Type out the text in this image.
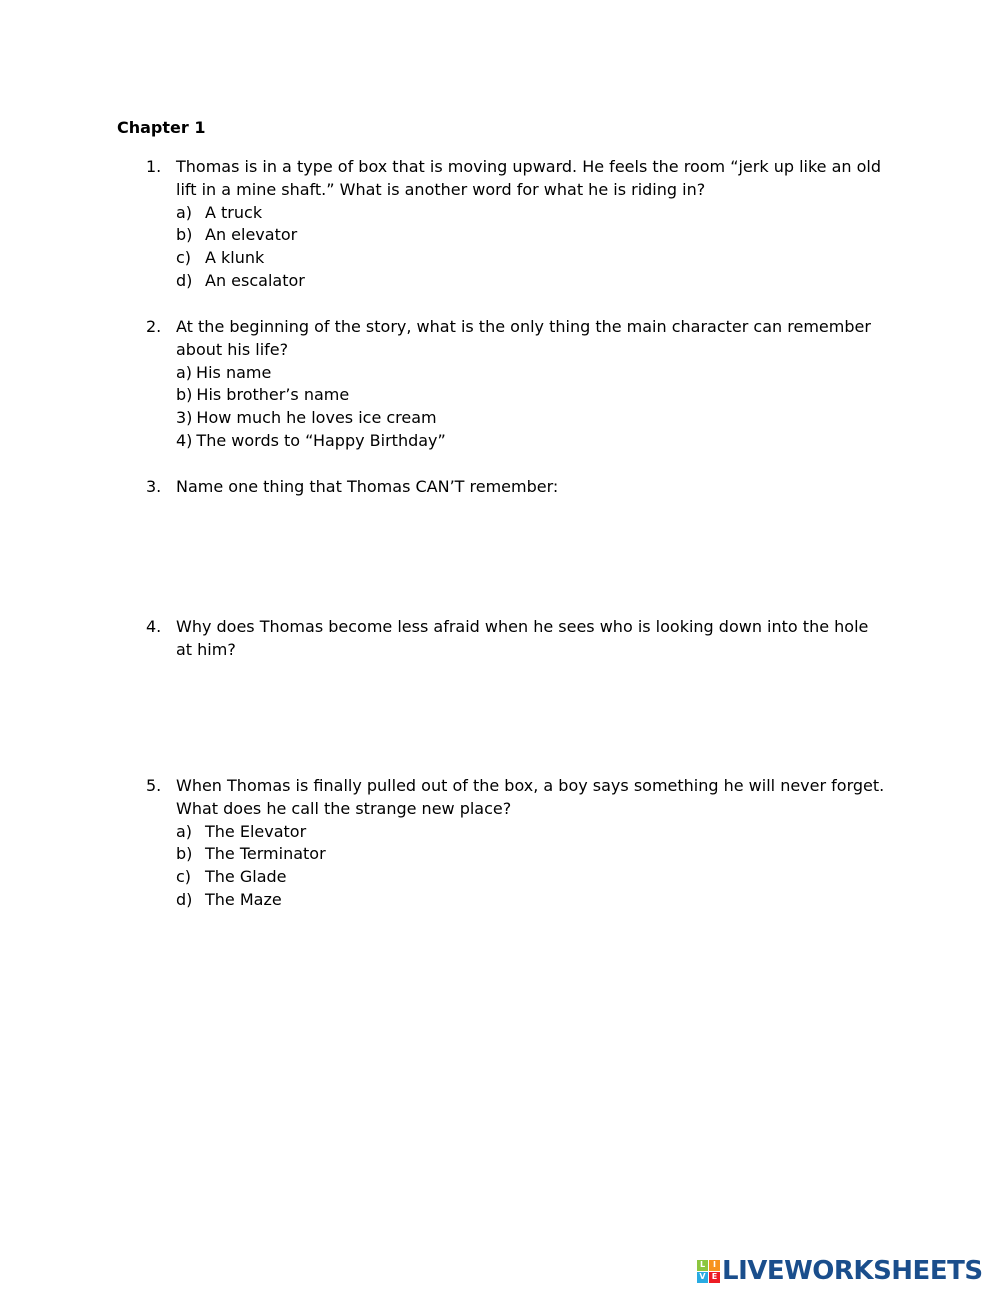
Chapter 1
1. Thomas is in a type of box that is moving upward. He feels the room “jerk up like an old lift in a mine shaft.” What is another word for what he is riding in?
a) A truck
b) An elevator
c) A klunk
d) An escalator
2. At the beginning of the story, what is the only thing the main character can remember about his life?
a) His name
b) His brother’s name
3) How much he loves ice cream
4) The words to “Happy Birthday”
3. Name one thing that Thomas CAN’T remember:
4. Why does Thomas become less afraid when he sees who is looking down into the hole at him?
5. When Thomas is finally pulled out of the box, a boy says something he will never forget. What does he call the strange new place?
a) The Elevator
b) The Terminator
c) The Glade
d) The Maze
L I
V E LIVEWORKSHEETS
